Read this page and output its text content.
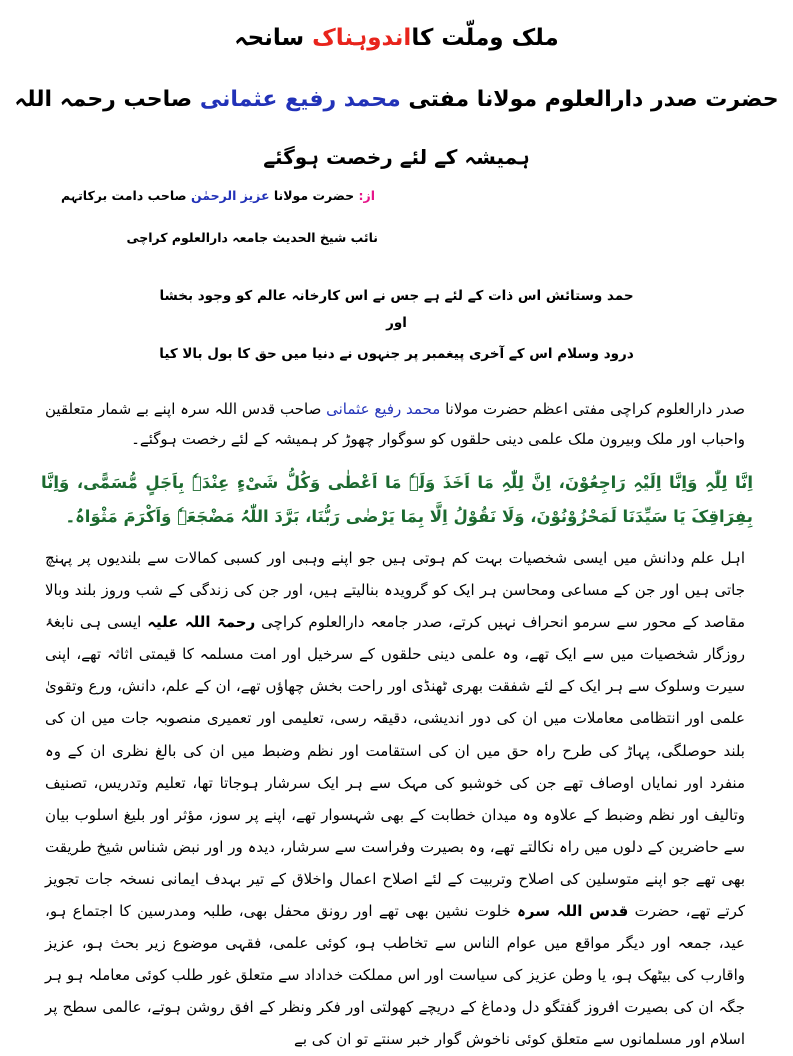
ملک وملّت کااندوہناک سانحہ
حضرت صدر دارالعلوم مولانا مفتی محمد رفیع عثمانی صاحب رحمہ اللہ
ہمیشہ کے لئے رخصت ہوگئے
از: حضرت مولانا عزیز الرحمٰن صاحب دامت برکاتہم
نائب شیخ الحدیث جامعہ دارالعلوم کراچی
حمد وستائش اس ذات کے لئے ہے جس نے اس کارخانہ عالم کو وجود بخشا
اور
درود وسلام اس کے آخری پیغمبر پر جنہوں نے دنیا میں حق کا بول بالا کیا
صدر دارالعلوم کراچی مفتی اعظم حضرت مولانا محمد رفیع عثمانی صاحب قدس اللہ سرہ اپنے بے شمار متعلقین واحباب اور ملک وبیرون ملک علمی دینی حلقوں کو سوگوار چھوڑ کر ہمیشہ کے لئے رخصت ہوگئے۔
اِنَّا لِلّٰہِ وَاِنَّا اِلَیْہِ رَاجِعُوْنَ، اِنَّ لِلّٰہِ مَا اَخَذَ وَلَہٗ مَا اَعْطٰی وَکُلُّ شَیْءٍ عِنْدَہٗ بِاَجَلٍ مُّسَمًّی، وَاِنَّا بِفِرَاقِکَ یَا سَیِّدَنَا لَمَحْزُوْنُوْنَ، وَلَا نَقُوْلُ اِلَّا بِمَا یَرْضٰی رَبُّنَا، بَرَّدَ اللّٰہُ مَضْجَعَہٗ وَاَکْرَمَ مَثْوَاہُ۔
اہل علم ودانش میں ایسی شخصیات بہت کم ہوتی ہیں جو اپنے وہبی اور کسبی کمالات سے بلندیوں پر پہنچ جاتی ہیں اور جن کے مساعی ومحاسن ہر ایک کو گرویدہ بنالیتے ہیں، اور جن کی زندگی کے شب وروز بلند وبالا مقاصد کے محور سے سرمو انحراف نہیں کرتے، صدر جامعہ دارالعلوم کراچی رحمۃ اللہ علیہ ایسی ہی نابغۂ روزگار شخصیات میں سے ایک تھے، وہ علمی دینی حلقوں کے سرخیل اور امت مسلمہ کا قیمتی اثاثہ تھے، اپنی سیرت وسلوک سے ہر ایک کے لئے شفقت بھری ٹھنڈی اور راحت بخش چھاؤں تھے، ان کے علم، دانش، ورع وتقویٰ علمی اور انتظامی معاملات میں ان کی دور اندیشی، دقیقہ رسی، تعلیمی اور تعمیری منصوبہ جات میں ان کی بلند حوصلگی، پہاڑ کی طرح راہ حق میں ان کی استقامت اور نظم وضبط میں ان کی بالغ نظری ان کے وہ منفرد اور نمایاں اوصاف تھے جن کی خوشبو کی مہک سے ہر ایک سرشار ہوجاتا تھا، تعلیم وتدریس، تصنیف وتالیف اور نظم وضبط کے علاوہ وہ میدان خطابت کے بھی شہسوار تھے، اپنے پر سوز، مؤثر اور بلیغ اسلوب بیان سے حاضرین کے دلوں میں راہ نکالتے تھے، وہ بصیرت وفراست سے سرشار، دیدہ ور اور نبض شناس شیخ طریقت بھی تھے جو اپنے متوسلین کی اصلاح وتربیت کے لئے اصلاح اعمال واخلاق کے تیر بہدف ایمانی نسخہ جات تجویز کرتے تھے، حضرت قدس اللہ سرہ خلوت نشین بھی تھے اور رونق محفل بھی، طلبہ ومدرسین کا اجتماع ہو، عید، جمعہ اور دیگر مواقع میں عوام الناس سے تخاطب ہو، کوئی علمی، فقہی موضوع زیر بحث ہو، عزیز واقارب کی بیٹھک ہو، یا وطن عزیز کی سیاست اور اس مملکت خداداد سے متعلق غور طلب کوئی معاملہ ہو ہر جگہ ان کی بصیرت افروز گفتگو دل ودماغ کے دریچے کھولتی اور فکر ونظر کے افق روشن ہوتے، عالمی سطح پر اسلام اور مسلمانوں سے متعلق کوئی ناخوش گوار خبر سنتے تو ان کی بے
